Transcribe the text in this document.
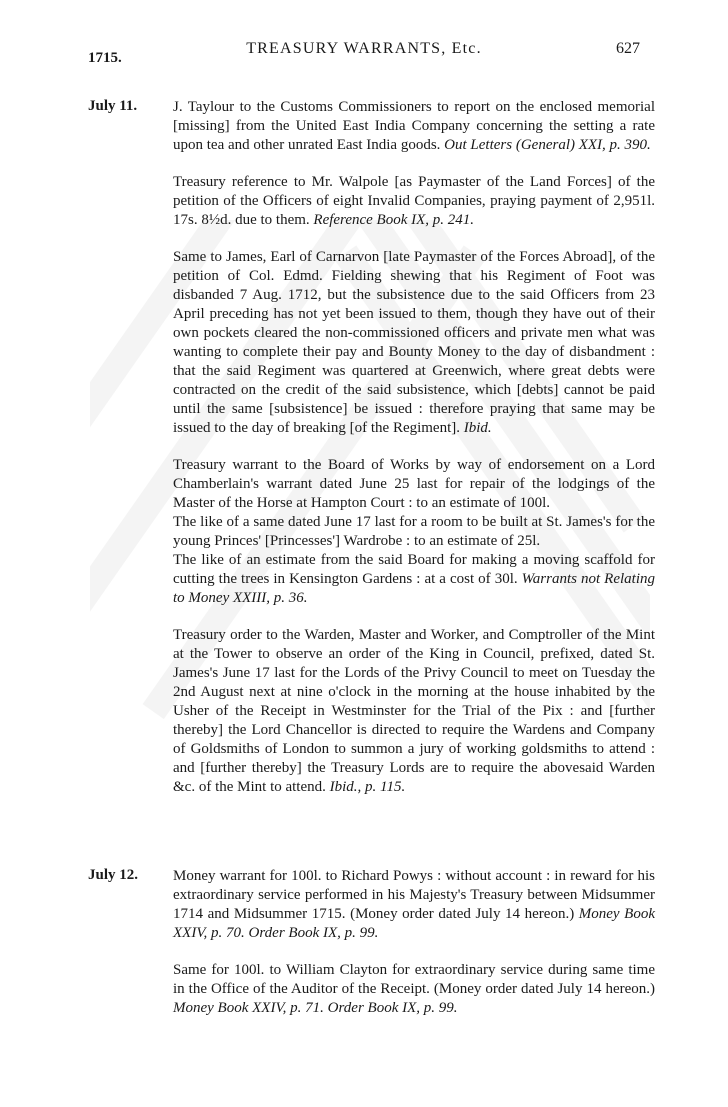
1715.
TREASURY WARRANTS, Etc.	627
July 11.
July 12.
J. Taylour to the Customs Commissioners to report on the enclosed memorial [missing] from the United East India Company concerning the setting a rate upon tea and other unrated East India goods. Out Letters (General) XXI, p. 390.
Treasury reference to Mr. Walpole [as Paymaster of the Land Forces] of the petition of the Officers of eight Invalid Companies, praying payment of 2,951l. 17s. 8½d. due to them. Reference Book IX, p. 241.
Same to James, Earl of Carnarvon [late Paymaster of the Forces Abroad], of the petition of Col. Edmd. Fielding shewing that his Regiment of Foot was disbanded 7 Aug. 1712, but the subsistence due to the said Officers from 23 April preceding has not yet been issued to them, though they have out of their own pockets cleared the non-commissioned officers and private men what was wanting to complete their pay and Bounty Money to the day of disbandment : that the said Regiment was quartered at Greenwich, where great debts were contracted on the credit of the said subsistence, which [debts] cannot be paid until the same [subsistence] be issued : therefore praying that same may be issued to the day of breaking [of the Regiment]. Ibid.

Treasury warrant to the Board of Works by way of endorsement on a Lord Chamberlain's warrant dated June 25 last for repair of the lodgings of the Master of the Horse at Hampton Court : to an estimate of 100l.

The like of a same dated June 17 last for a room to be built at St. James's for the young Princes' [Princesses'] Wardrobe : to an estimate of 25l.

The like of an estimate from the said Board for making a moving scaffold for cutting the trees in Kensington Gardens : at a cost of 30l. Warrants not Relating to Money XXIII, p. 36.

Treasury order to the Warden, Master and Worker, and Comptroller of the Mint at the Tower to observe an order of the King in Council, prefixed, dated St. James's June 17 last for the Lords of the Privy Council to meet on Tuesday the 2nd August next at nine o'clock in the morning at the house inhabited by the Usher of the Receipt in Westminster for the Trial of the Pix : and [further thereby] the Lord Chancellor is directed to require the Wardens and Company of Goldsmiths of London to summon a jury of working goldsmiths to attend : and [further thereby] the Treasury Lords are to require the abovesaid Warden &c. of the Mint to attend. Ibid., p. 115.
Money warrant for 100l. to Richard Powys : without account : in reward for his extraordinary service performed in his Majesty's Treasury between Midsummer 1714 and Midsummer 1715. (Money order dated July 14 hereon.) Money Book XXIV, p. 70. Order Book IX, p. 99.
Same for 100l. to William Clayton for extraordinary service during same time in the Office of the Auditor of the Receipt. (Money order dated July 14 hereon.) Money Book XXIV, p. 71. Order Book IX, p. 99.
